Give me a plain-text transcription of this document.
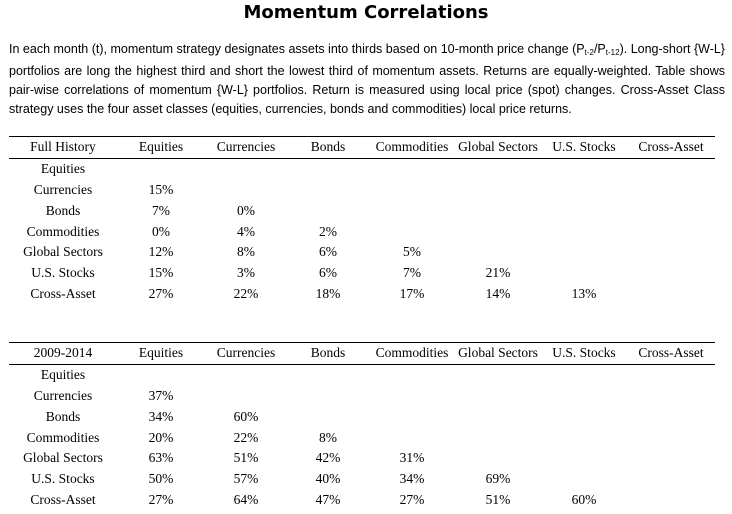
Momentum Correlations
In each month (t), momentum strategy designates assets into thirds based on 10-month price change $(P_{t-2}/P_{t-12})$. Long-short {W-L} portfolios are long the highest third and short the lowest third of momentum assets. Returns are equally-weighted. Table shows pair-wise correlations of momentum {W-L} portfolios. Return is measured using local price (spot) changes. Cross-Asset Class strategy uses the four asset classes (equities, currencies, bonds and commodities) local price returns.
Full History	Equities	Currencies	Bonds	Commodities	Global Sectors	U.S. Stocks	Cross-Asset
Equities							
Currencies	15%						
Bonds	7%	0%					
Commodities	0%	4%	2%				
Global Sectors	12%	8%	6%	5%			
U.S. Stocks	15%	3%	6%	7%	21%		
Cross-Asset	27%	22%	18%	17%	14%	13%	
2009-2014	Equities	Currencies	Bonds	Commodities	Global Sectors	U.S. Stocks	Cross-Asset
Equities							
Currencies	37%						
Bonds	34%	60%					
Commodities	20%	22%	8%				
Global Sectors	63%	51%	42%	31%			
U.S. Stocks	50%	57%	40%	34%	69%		
Cross-Asset	27%	64%	47%	27%	51%	60%	
